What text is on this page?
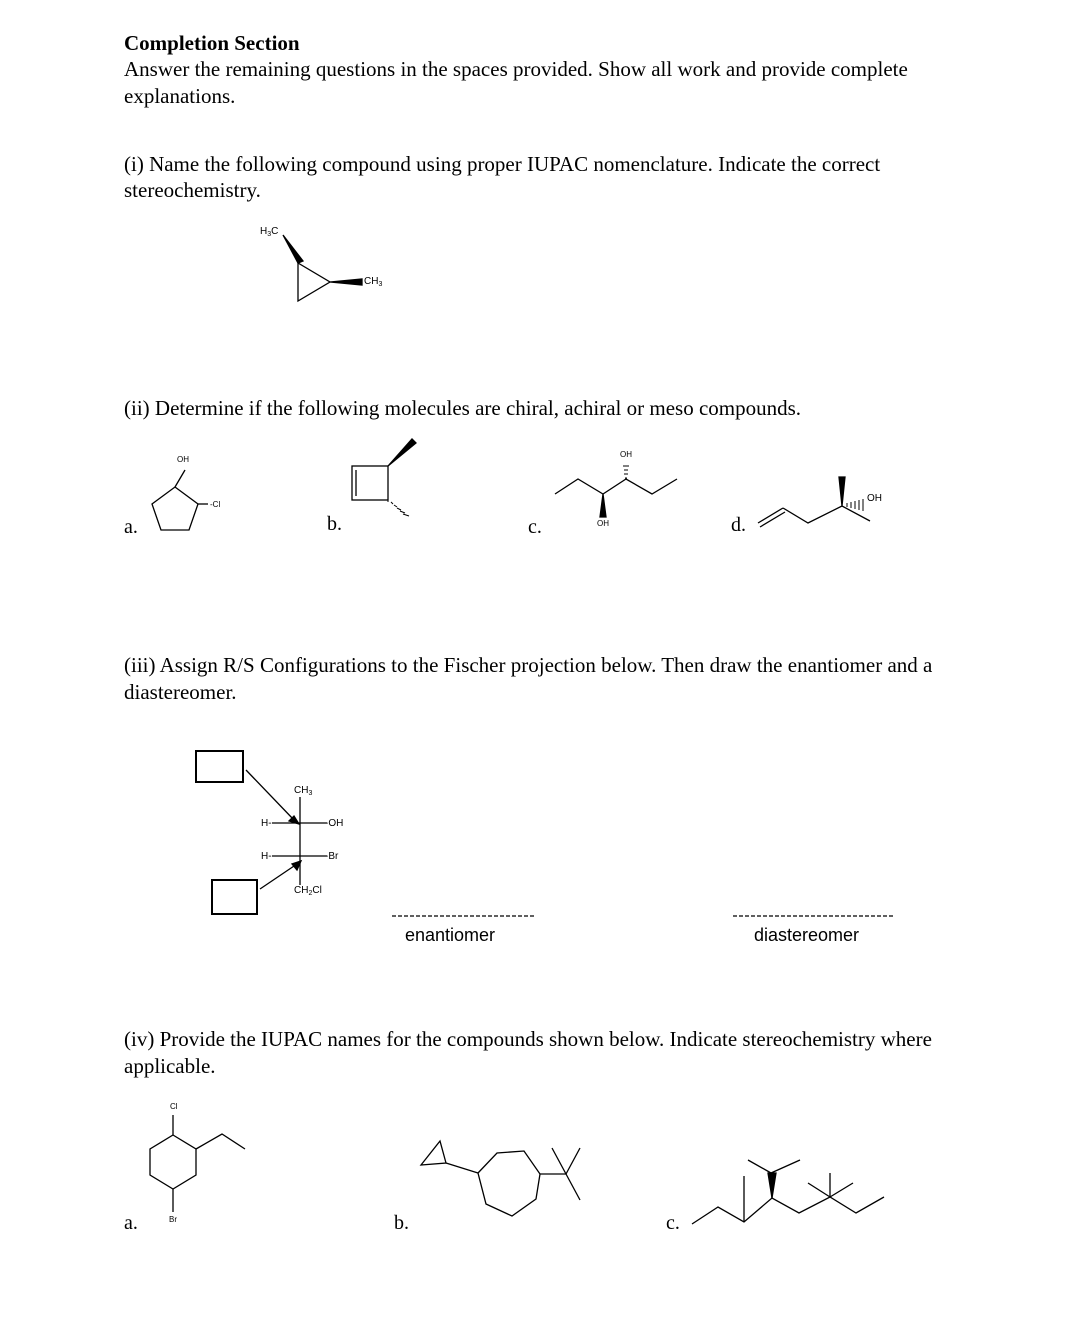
Completion Section
Answer the remaining questions in the spaces provided. Show all work and provide complete explanations.
(i) Name the following compound using proper IUPAC nomenclature. Indicate the correct stereochemistry.
(ii) Determine if the following molecules are chiral, achiral or meso compounds.
(iii) Assign R/S Configurations to the Fischer projection below. Then draw the enantiomer and a diastereomer.
(iv) Provide the IUPAC names for the compounds shown below. Indicate stereochemistry where applicable.
$H_3C$
$CH_3$
a.
OH
-Cl
b.	c.
OH
OH	d.
OH
$CH_3$
H-	-OH
H-	-Br
$CH_2Cl$
enantiomer	diastereomer
a.
Cl
Br	b.	c.
